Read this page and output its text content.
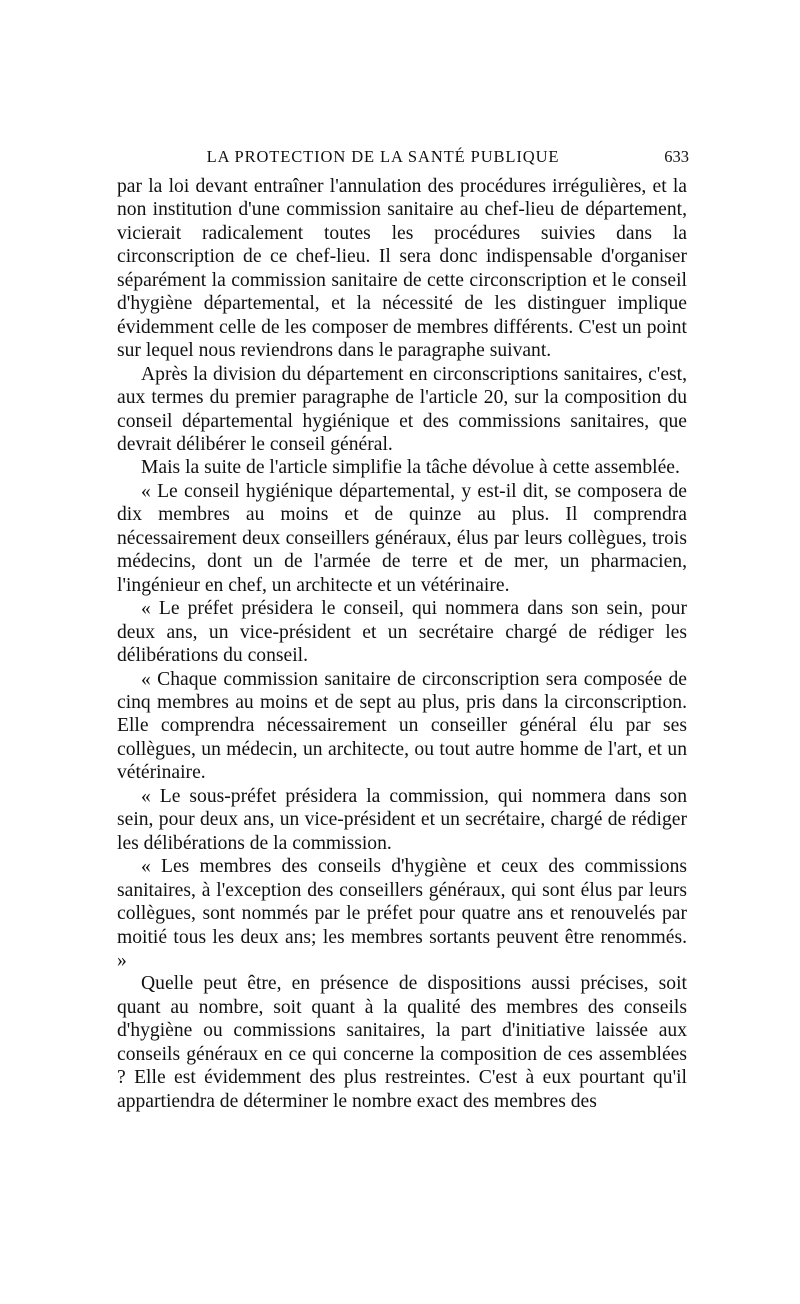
LA PROTECTION DE LA SANTÉ PUBLIQUE	633

par la loi devant entraîner l'annulation des procédures irrégulières, et la non institution d'une commission sanitaire au chef-lieu de département, vicierait radicalement toutes les procédures suivies dans la circonscription de ce chef-lieu. Il sera donc indispensable d'organiser séparément la commission sanitaire de cette circonscription et le conseil d'hygiène départemental, et la nécessité de les distinguer implique évidemment celle de les composer de membres différents. C'est un point sur lequel nous reviendrons dans le paragraphe suivant.

Après la division du département en circonscriptions sanitaires, c'est, aux termes du premier paragraphe de l'article 20, sur la composition du conseil départemental hygiénique et des commissions sanitaires, que devrait délibérer le conseil général.

Mais la suite de l'article simplifie la tâche dévolue à cette assemblée.

« Le conseil hygiénique départemental, y est-il dit, se composera de dix membres au moins et de quinze au plus. Il comprendra nécessairement deux conseillers généraux, élus par leurs collègues, trois médecins, dont un de l'armée de terre et de mer, un pharmacien, l'ingénieur en chef, un architecte et un vétérinaire.

« Le préfet présidera le conseil, qui nommera dans son sein, pour deux ans, un vice-président et un secrétaire chargé de rédiger les délibérations du conseil.

« Chaque commission sanitaire de circonscription sera composée de cinq membres au moins et de sept au plus, pris dans la circonscription. Elle comprendra nécessairement un conseiller général élu par ses collègues, un médecin, un architecte, ou tout autre homme de l'art, et un vétérinaire.

« Le sous-préfet présidera la commission, qui nommera dans son sein, pour deux ans, un vice-président et un secrétaire, chargé de rédiger les délibérations de la commission.

« Les membres des conseils d'hygiène et ceux des commissions sanitaires, à l'exception des conseillers généraux, qui sont élus par leurs collègues, sont nommés par le préfet pour quatre ans et renouvelés par moitié tous les deux ans; les membres sortants peuvent être renommés. »

Quelle peut être, en présence de dispositions aussi précises, soit quant au nombre, soit quant à la qualité des membres des conseils d'hygiène ou commissions sanitaires, la part d'initiative laissée aux conseils généraux en ce qui concerne la composition de ces assemblées ? Elle est évidemment des plus restreintes. C'est à eux pourtant qu'il appartiendra de déterminer le nombre exact des membres des
